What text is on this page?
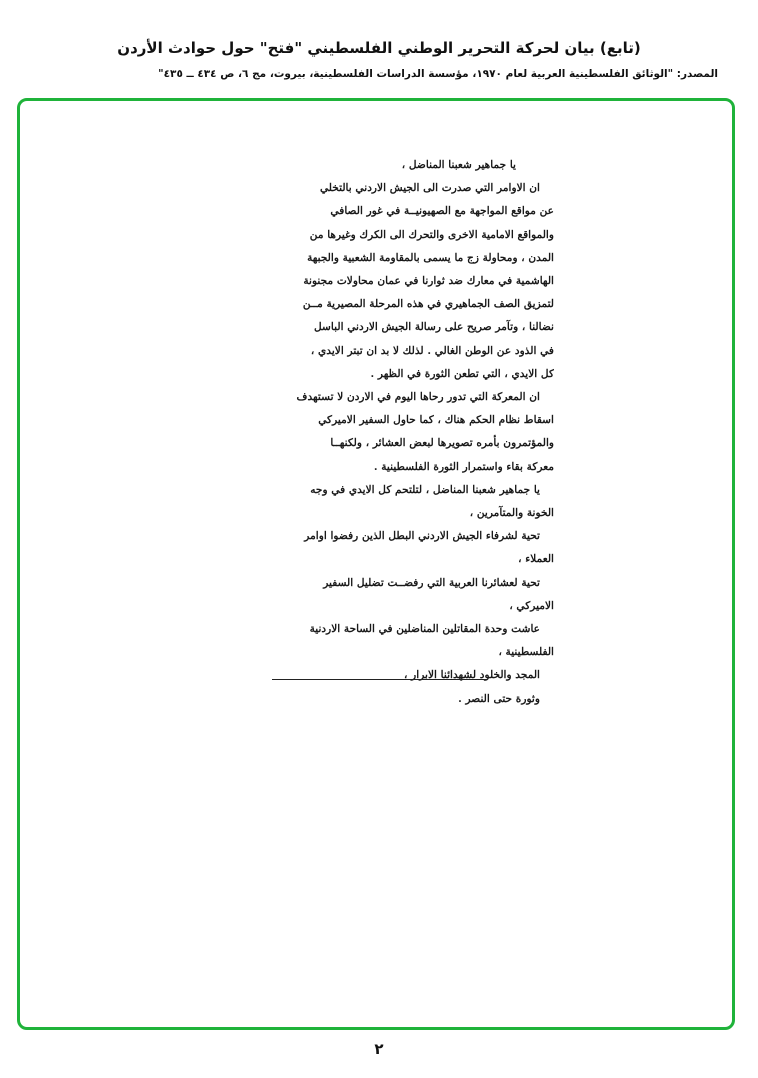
(تابع) بيان لحركة التحرير الوطني الفلسطيني "فتح" حول حوادث الأردن
المصدر: "الوثائق الفلسطينية العربية لعام ١٩٧٠، مؤسسة الدراسات الفلسطينية، بيروت، مج ٦، ص ٤٣٤ ــ ٤٣٥"
يا جماهير شعبنا المناضل ،
ان الاوامر التي صدرت الى الجيش الاردني بالتخلي
عن مواقع المواجهة مع الصهيونيــة في غور الصافي
والمواقع الامامية الاخرى والتحرك الى الكرك وغيرها من
المدن ، ومحاولة زج ما يسمى بالمقاومة الشعبية والجبهة
الهاشمية في معارك ضد ثوارنا في عمان محاولات مجنونة
لتمزيق الصف الجماهيري في هذه المرحلة المصيرية مــن
نضالنا ، وتآمر صريح على رسالة الجيش الاردني الباسل
في الذود عن الوطن الغالي . لذلك لا بد ان تبتر الايدي ،
كل الايدي ، التي تطعن الثورة في الظهر .
ان المعركة التي تدور رحاها اليوم في الاردن لا تستهدف
اسقاط نظام الحكم هناك ، كما حاول السفير الاميركي
والمؤتمرون بأمره تصويرها لبعض العشائر ، ولكنهــا
معركة بقاء واستمرار الثورة الفلسطينية .
يا جماهير شعبنا المناضل ، لتلتحم كل الايدي في وجه
الخونة والمتآمرين ،
تحية لشرفاء الجيش الاردني البطل الذين رفضوا اوامر
العملاء ،
تحية لعشائرنا العربية التي رفضــت تضليل السفير
الاميركي ،
عاشت وحدة المقاتلين المناضلين في الساحة الاردنية
الفلسطينية ،
المجد والخلود لشهدائنا الابرار ،
وثورة حتى النصر .
٢
